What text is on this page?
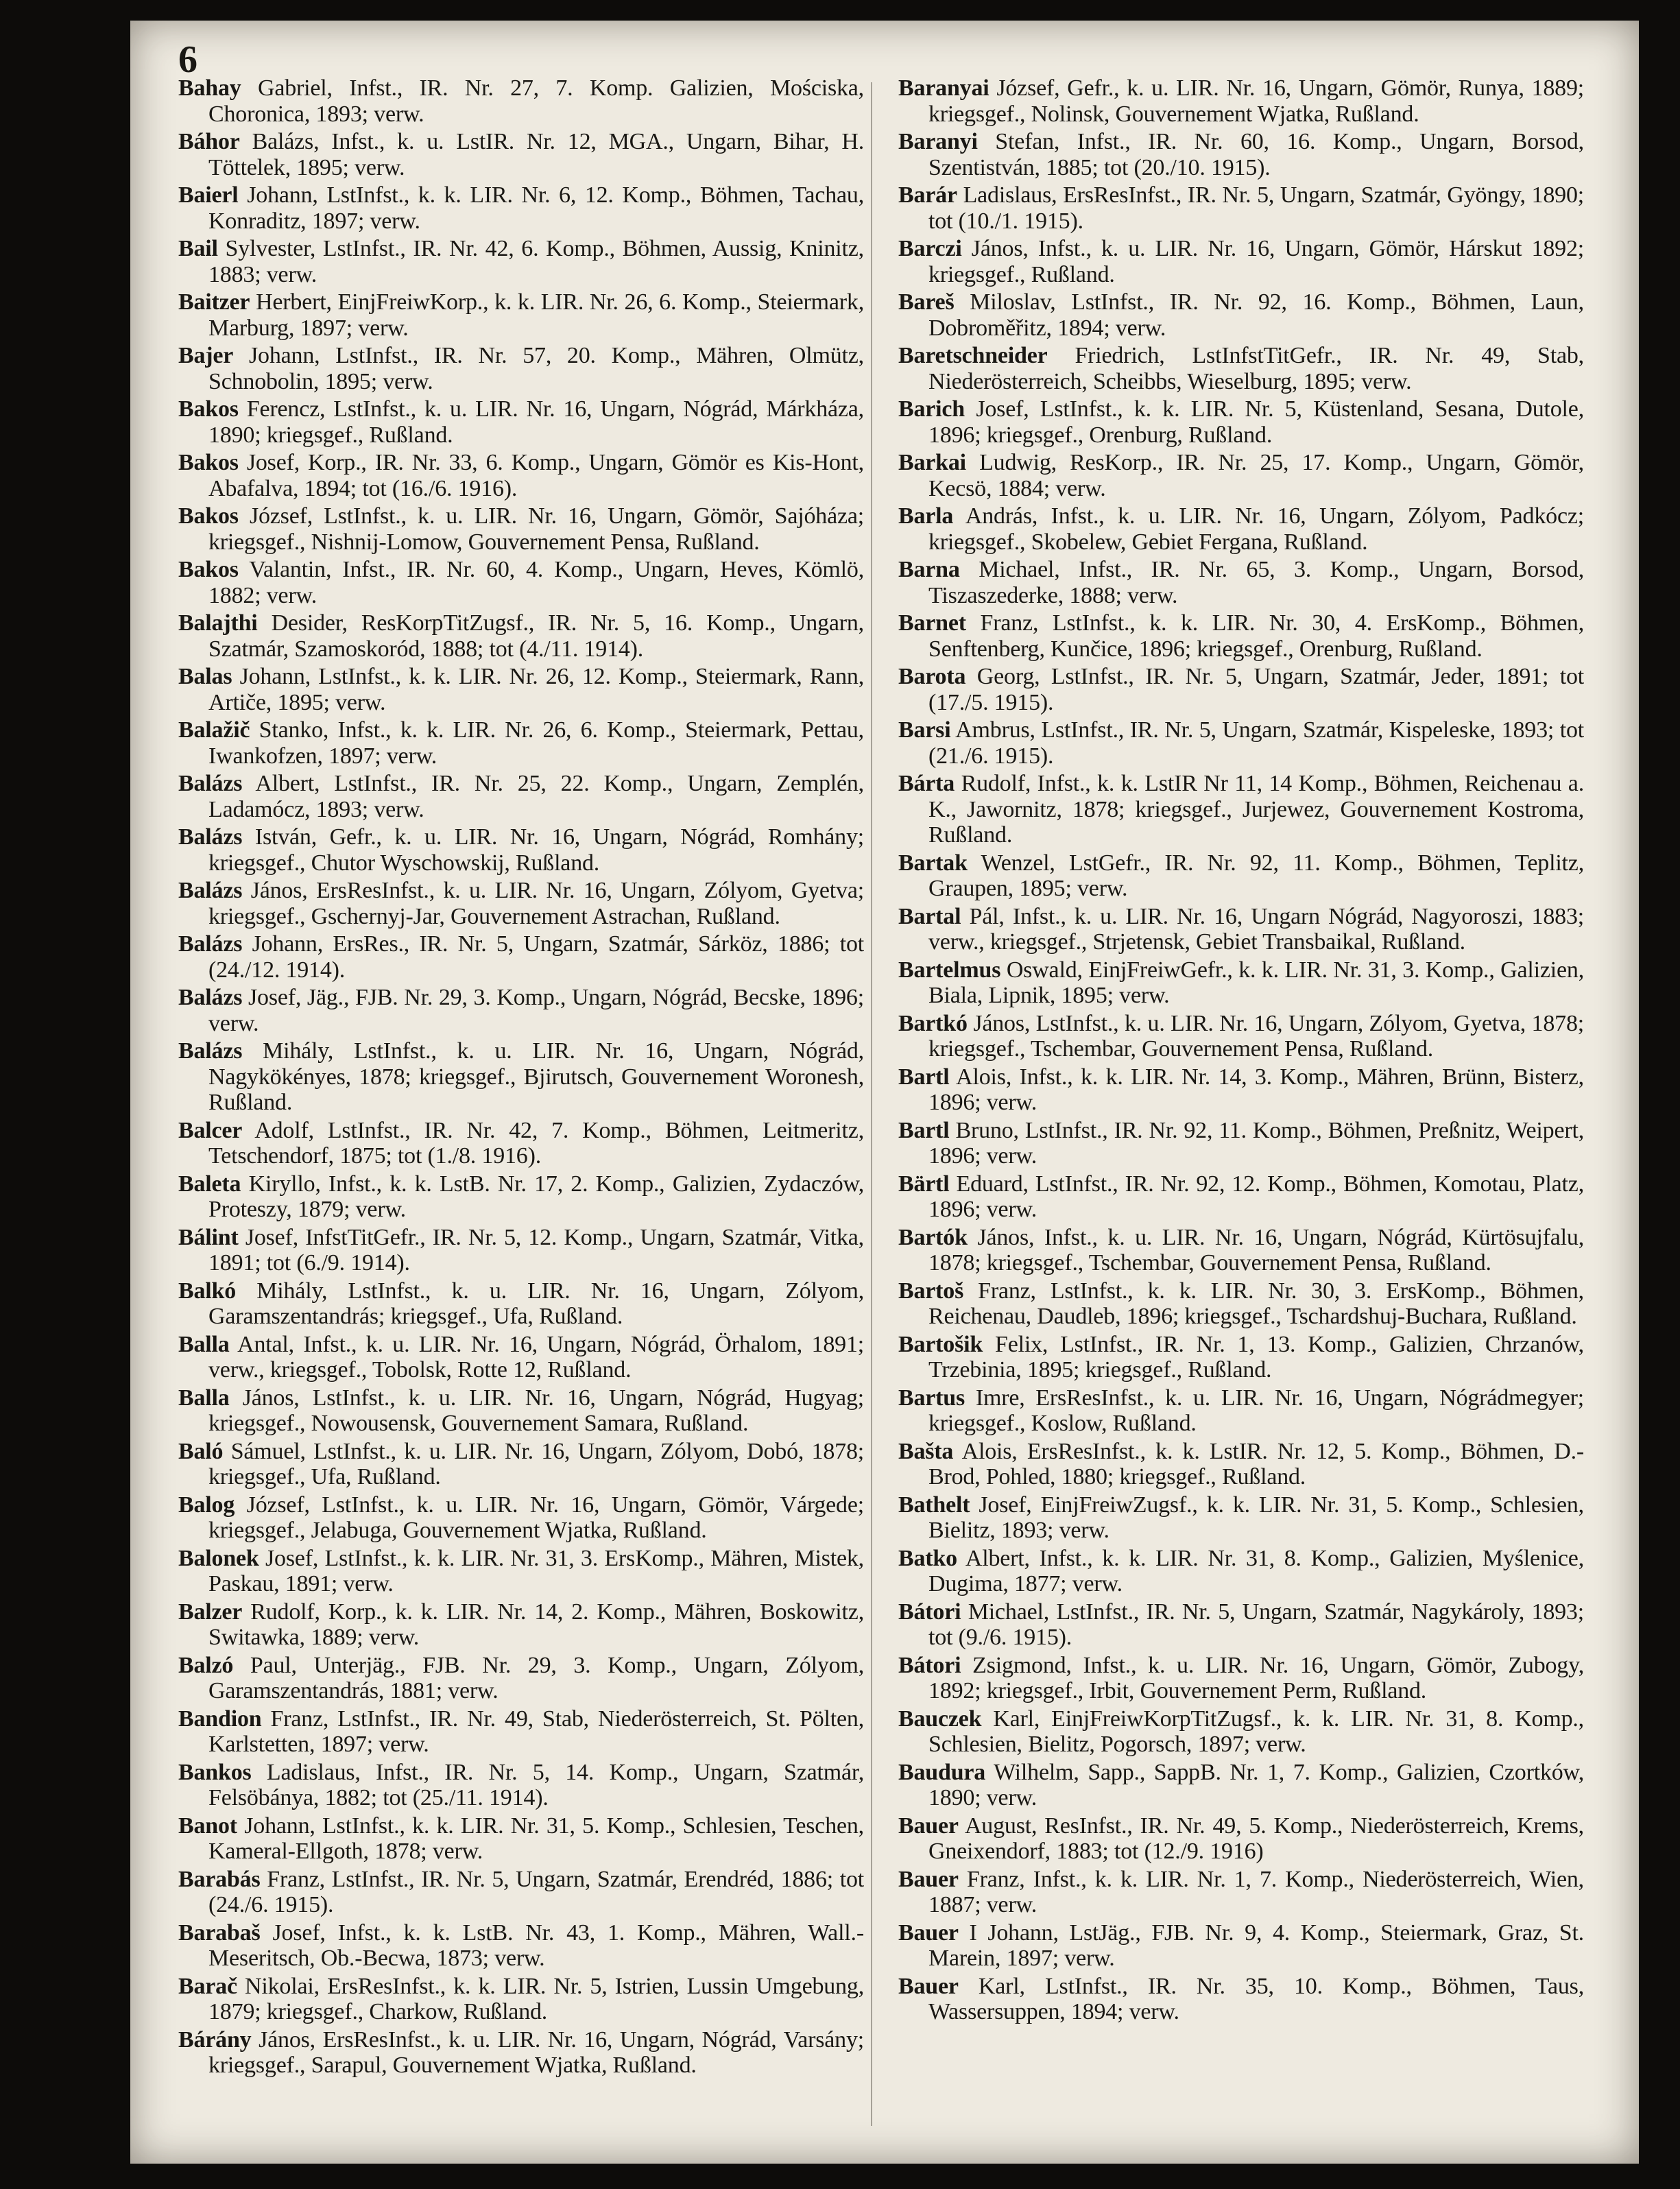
6

Bahay Gabriel, Infst., IR. Nr. 27, 7. Komp. Galizien, Mościska, Choronica, 1893; verw.

Báhor Balázs, Infst., k. u. LstIR. Nr. 12, MGA., Ungarn, Bihar, H. Töttelek, 1895; verw.

Baierl Johann, LstInfst., k. k. LIR. Nr. 6, 12. Komp., Böhmen, Tachau, Konraditz, 1897; verw.

Bail Sylvester, LstInfst., IR. Nr. 42, 6. Komp., Böhmen, Aussig, Kninitz, 1883; verw.

Baitzer Herbert, EinjFreiwKorp., k. k. LIR. Nr. 26, 6. Komp., Steiermark, Marburg, 1897; verw.

Bajer Johann, LstInfst., IR. Nr. 57, 20. Komp., Mähren, Olmütz, Schnobolin, 1895; verw.

Bakos Ferencz, LstInfst., k. u. LIR. Nr. 16, Ungarn, Nógrád, Márkháza, 1890; kriegsgef., Rußland.

Bakos Josef, Korp., IR. Nr. 33, 6. Komp., Ungarn, Gömör es Kis-Hont, Abafalva, 1894; tot (16./6. 1916).

Bakos József, LstInfst., k. u. LIR. Nr. 16, Ungarn, Gömör, Sajóháza; kriegsgef., Nishnij-Lomow, Gouvernement Pensa, Rußland.

Bakos Valantin, Infst., IR. Nr. 60, 4. Komp., Ungarn, Heves, Kömlö, 1882; verw.

Balajthi Desider, ResKorpTitZugsf., IR. Nr. 5, 16. Komp., Ungarn, Szatmár, Szamoskoród, 1888; tot (4./11. 1914).

Balas Johann, LstInfst., k. k. LIR. Nr. 26, 12. Komp., Steiermark, Rann, Artiče, 1895; verw.

Balažič Stanko, Infst., k. k. LIR. Nr. 26, 6. Komp., Steiermark, Pettau, Iwankofzen, 1897; verw.

Balázs Albert, LstInfst., IR. Nr. 25, 22. Komp., Ungarn, Zemplén, Ladamócz, 1893; verw.

Balázs István, Gefr., k. u. LIR. Nr. 16, Ungarn, Nógrád, Romhány; kriegsgef., Chutor Wyschowskij, Rußland.

Balázs János, ErsResInfst., k. u. LIR. Nr. 16, Ungarn, Zólyom, Gyetva; kriegsgef., Gschernyj-Jar, Gouvernement Astrachan, Rußland.

Balázs Johann, ErsRes., IR. Nr. 5, Ungarn, Szatmár, Sárköz, 1886; tot (24./12. 1914).

Balázs Josef, Jäg., FJB. Nr. 29, 3. Komp., Ungarn, Nógrád, Becske, 1896; verw.

Balázs Mihály, LstInfst., k. u. LIR. Nr. 16, Ungarn, Nógrád, Nagykökényes, 1878; kriegsgef., Bjirutsch, Gouvernement Woronesh, Rußland.

Balcer Adolf, LstInfst., IR. Nr. 42, 7. Komp., Böhmen, Leitmeritz, Tetschendorf, 1875; tot (1./8. 1916).

Baleta Kiryllo, Infst., k. k. LstB. Nr. 17, 2. Komp., Galizien, Zydaczów, Proteszy, 1879; verw.

Bálint Josef, InfstTitGefr., IR. Nr. 5, 12. Komp., Ungarn, Szatmár, Vitka, 1891; tot (6./9. 1914).

Balkó Mihály, LstInfst., k. u. LIR. Nr. 16, Ungarn, Zólyom, Garamszentandrás; kriegsgef., Ufa, Rußland.

Balla Antal, Infst., k. u. LIR. Nr. 16, Ungarn, Nógrád, Örhalom, 1891; verw., kriegsgef., Tobolsk, Rotte 12, Rußland.

Balla János, LstInfst., k. u. LIR. Nr. 16, Ungarn, Nógrád, Hugyag; kriegsgef., Nowousensk, Gouvernement Samara, Rußland.

Baló Sámuel, LstInfst., k. u. LIR. Nr. 16, Ungarn, Zólyom, Dobó, 1878; kriegsgef., Ufa, Rußland.

Balog József, LstInfst., k. u. LIR. Nr. 16, Ungarn, Gömör, Várgede; kriegsgef., Jelabuga, Gouvernement Wjatka, Rußland.

Balonek Josef, LstInfst., k. k. LIR. Nr. 31, 3. ErsKomp., Mähren, Mistek, Paskau, 1891; verw.

Balzer Rudolf, Korp., k. k. LIR. Nr. 14, 2. Komp., Mähren, Boskowitz, Switawka, 1889; verw.

Balzó Paul, Unterjäg., FJB. Nr. 29, 3. Komp., Ungarn, Zólyom, Garamszentandrás, 1881; verw.

Bandion Franz, LstInfst., IR. Nr. 49, Stab, Niederösterreich, St. Pölten, Karlstetten, 1897; verw.

Bankos Ladislaus, Infst., IR. Nr. 5, 14. Komp., Ungarn, Szatmár, Felsöbánya, 1882; tot (25./11. 1914).

Banot Johann, LstInfst., k. k. LIR. Nr. 31, 5. Komp., Schlesien, Teschen, Kameral-Ellgoth, 1878; verw.

Barabás Franz, LstInfst., IR. Nr. 5, Ungarn, Szatmár, Erendréd, 1886; tot (24./6. 1915).

Barabaš Josef, Infst., k. k. LstB. Nr. 43, 1. Komp., Mähren, Wall.-Meseritsch, Ob.-Becwa, 1873; verw.

Barač Nikolai, ErsResInfst., k. k. LIR. Nr. 5, Istrien, Lussin Umgebung, 1879; kriegsgef., Charkow, Rußland.

Bárány János, ErsResInfst., k. u. LIR. Nr. 16, Ungarn, Nógrád, Varsány; kriegsgef., Sarapul, Gouvernement Wjatka, Rußland.

Baranyai József, Gefr., k. u. LIR. Nr. 16, Ungarn, Gömör, Runya, 1889; kriegsgef., Nolinsk, Gouvernement Wjatka, Rußland.

Baranyi Stefan, Infst., IR. Nr. 60, 16. Komp., Ungarn, Borsod, Szentistván, 1885; tot (20./10. 1915).

Barár Ladislaus, ErsResInfst., IR. Nr. 5, Ungarn, Szatmár, Gyöngy, 1890; tot (10./1. 1915).

Barczi János, Infst., k. u. LIR. Nr. 16, Ungarn, Gömör, Hárskut 1892; kriegsgef., Rußland.

Bareš Miloslav, LstInfst., IR. Nr. 92, 16. Komp., Böhmen, Laun, Dobroměřitz, 1894; verw.

Baretschneider Friedrich, LstInfstTitGefr., IR. Nr. 49, Stab, Niederösterreich, Scheibbs, Wieselburg, 1895; verw.

Barich Josef, LstInfst., k. k. LIR. Nr. 5, Küstenland, Sesana, Dutole, 1896; kriegsgef., Orenburg, Rußland.

Barkai Ludwig, ResKorp., IR. Nr. 25, 17. Komp., Ungarn, Gömör, Kecsö, 1884; verw.

Barla András, Infst., k. u. LIR. Nr. 16, Ungarn, Zólyom, Padkócz; kriegsgef., Skobelew, Gebiet Fergana, Rußland.

Barna Michael, Infst., IR. Nr. 65, 3. Komp., Ungarn, Borsod, Tiszaszederke, 1888; verw.

Barnet Franz, LstInfst., k. k. LIR. Nr. 30, 4. ErsKomp., Böhmen, Senftenberg, Kunčice, 1896; kriegsgef., Orenburg, Rußland.

Barota Georg, LstInfst., IR. Nr. 5, Ungarn, Szatmár, Jeder, 1891; tot (17./5. 1915).

Barsi Ambrus, LstInfst., IR. Nr. 5, Ungarn, Szatmár, Kispeleske, 1893; tot (21./6. 1915).

Bárta Rudolf, Infst., k. k. LstIR Nr 11, 14 Komp., Böhmen, Reichenau a. K., Jawornitz, 1878; kriegsgef., Jurjewez, Gouvernement Kostroma, Rußland.

Bartak Wenzel, LstGefr., IR. Nr. 92, 11. Komp., Böhmen, Teplitz, Graupen, 1895; verw.

Bartal Pál, Infst., k. u. LIR. Nr. 16, Ungarn Nógrád, Nagyoroszi, 1883; verw., kriegsgef., Strjetensk, Gebiet Transbaikal, Rußland.

Bartelmus Oswald, EinjFreiwGefr., k. k. LIR. Nr. 31, 3. Komp., Galizien, Biala, Lipnik, 1895; verw.

Bartkó János, LstInfst., k. u. LIR. Nr. 16, Ungarn, Zólyom, Gyetva, 1878; kriegsgef., Tschembar, Gouvernement Pensa, Rußland.

Bartl Alois, Infst., k. k. LIR. Nr. 14, 3. Komp., Mähren, Brünn, Bisterz, 1896; verw.

Bartl Bruno, LstInfst., IR. Nr. 92, 11. Komp., Böhmen, Preßnitz, Weipert, 1896; verw.

Bärtl Eduard, LstInfst., IR. Nr. 92, 12. Komp., Böhmen, Komotau, Platz, 1896; verw.

Bartók János, Infst., k. u. LIR. Nr. 16, Ungarn, Nógrád, Kürtösujfalu, 1878; kriegsgef., Tschembar, Gouvernement Pensa, Rußland.

Bartoš Franz, LstInfst., k. k. LIR. Nr. 30, 3. ErsKomp., Böhmen, Reichenau, Daudleb, 1896; kriegsgef., Tschardshuj-Buchara, Rußland.

Bartošik Felix, LstInfst., IR. Nr. 1, 13. Komp., Galizien, Chrzanów, Trzebinia, 1895; kriegsgef., Rußland.

Bartus Imre, ErsResInfst., k. u. LIR. Nr. 16, Ungarn, Nógrádmegyer; kriegsgef., Koslow, Rußland.

Bašta Alois, ErsResInfst., k. k. LstIR. Nr. 12, 5. Komp., Böhmen, D.-Brod, Pohled, 1880; kriegsgef., Rußland.

Bathelt Josef, EinjFreiwZugsf., k. k. LIR. Nr. 31, 5. Komp., Schlesien, Bielitz, 1893; verw.

Batko Albert, Infst., k. k. LIR. Nr. 31, 8. Komp., Galizien, Myślenice, Dugima, 1877; verw.

Bátori Michael, LstInfst., IR. Nr. 5, Ungarn, Szatmár, Nagykároly, 1893; tot (9./6. 1915).

Bátori Zsigmond, Infst., k. u. LIR. Nr. 16, Ungarn, Gömör, Zubogy, 1892; kriegsgef., Irbit, Gouvernement Perm, Rußland.

Bauczek Karl, EinjFreiwKorpTitZugsf., k. k. LIR. Nr. 31, 8. Komp., Schlesien, Bielitz, Pogorsch, 1897; verw.

Baudura Wilhelm, Sapp., SappB. Nr. 1, 7. Komp., Galizien, Czortków, 1890; verw.

Bauer August, ResInfst., IR. Nr. 49, 5. Komp., Niederösterreich, Krems, Gneixendorf, 1883; tot (12./9. 1916)

Bauer Franz, Infst., k. k. LIR. Nr. 1, 7. Komp., Niederösterreich, Wien, 1887; verw.

Bauer I Johann, LstJäg., FJB. Nr. 9, 4. Komp., Steiermark, Graz, St. Marein, 1897; verw.

Bauer Karl, LstInfst., IR. Nr. 35, 10. Komp., Böhmen, Taus, Wassersuppen, 1894; verw.
